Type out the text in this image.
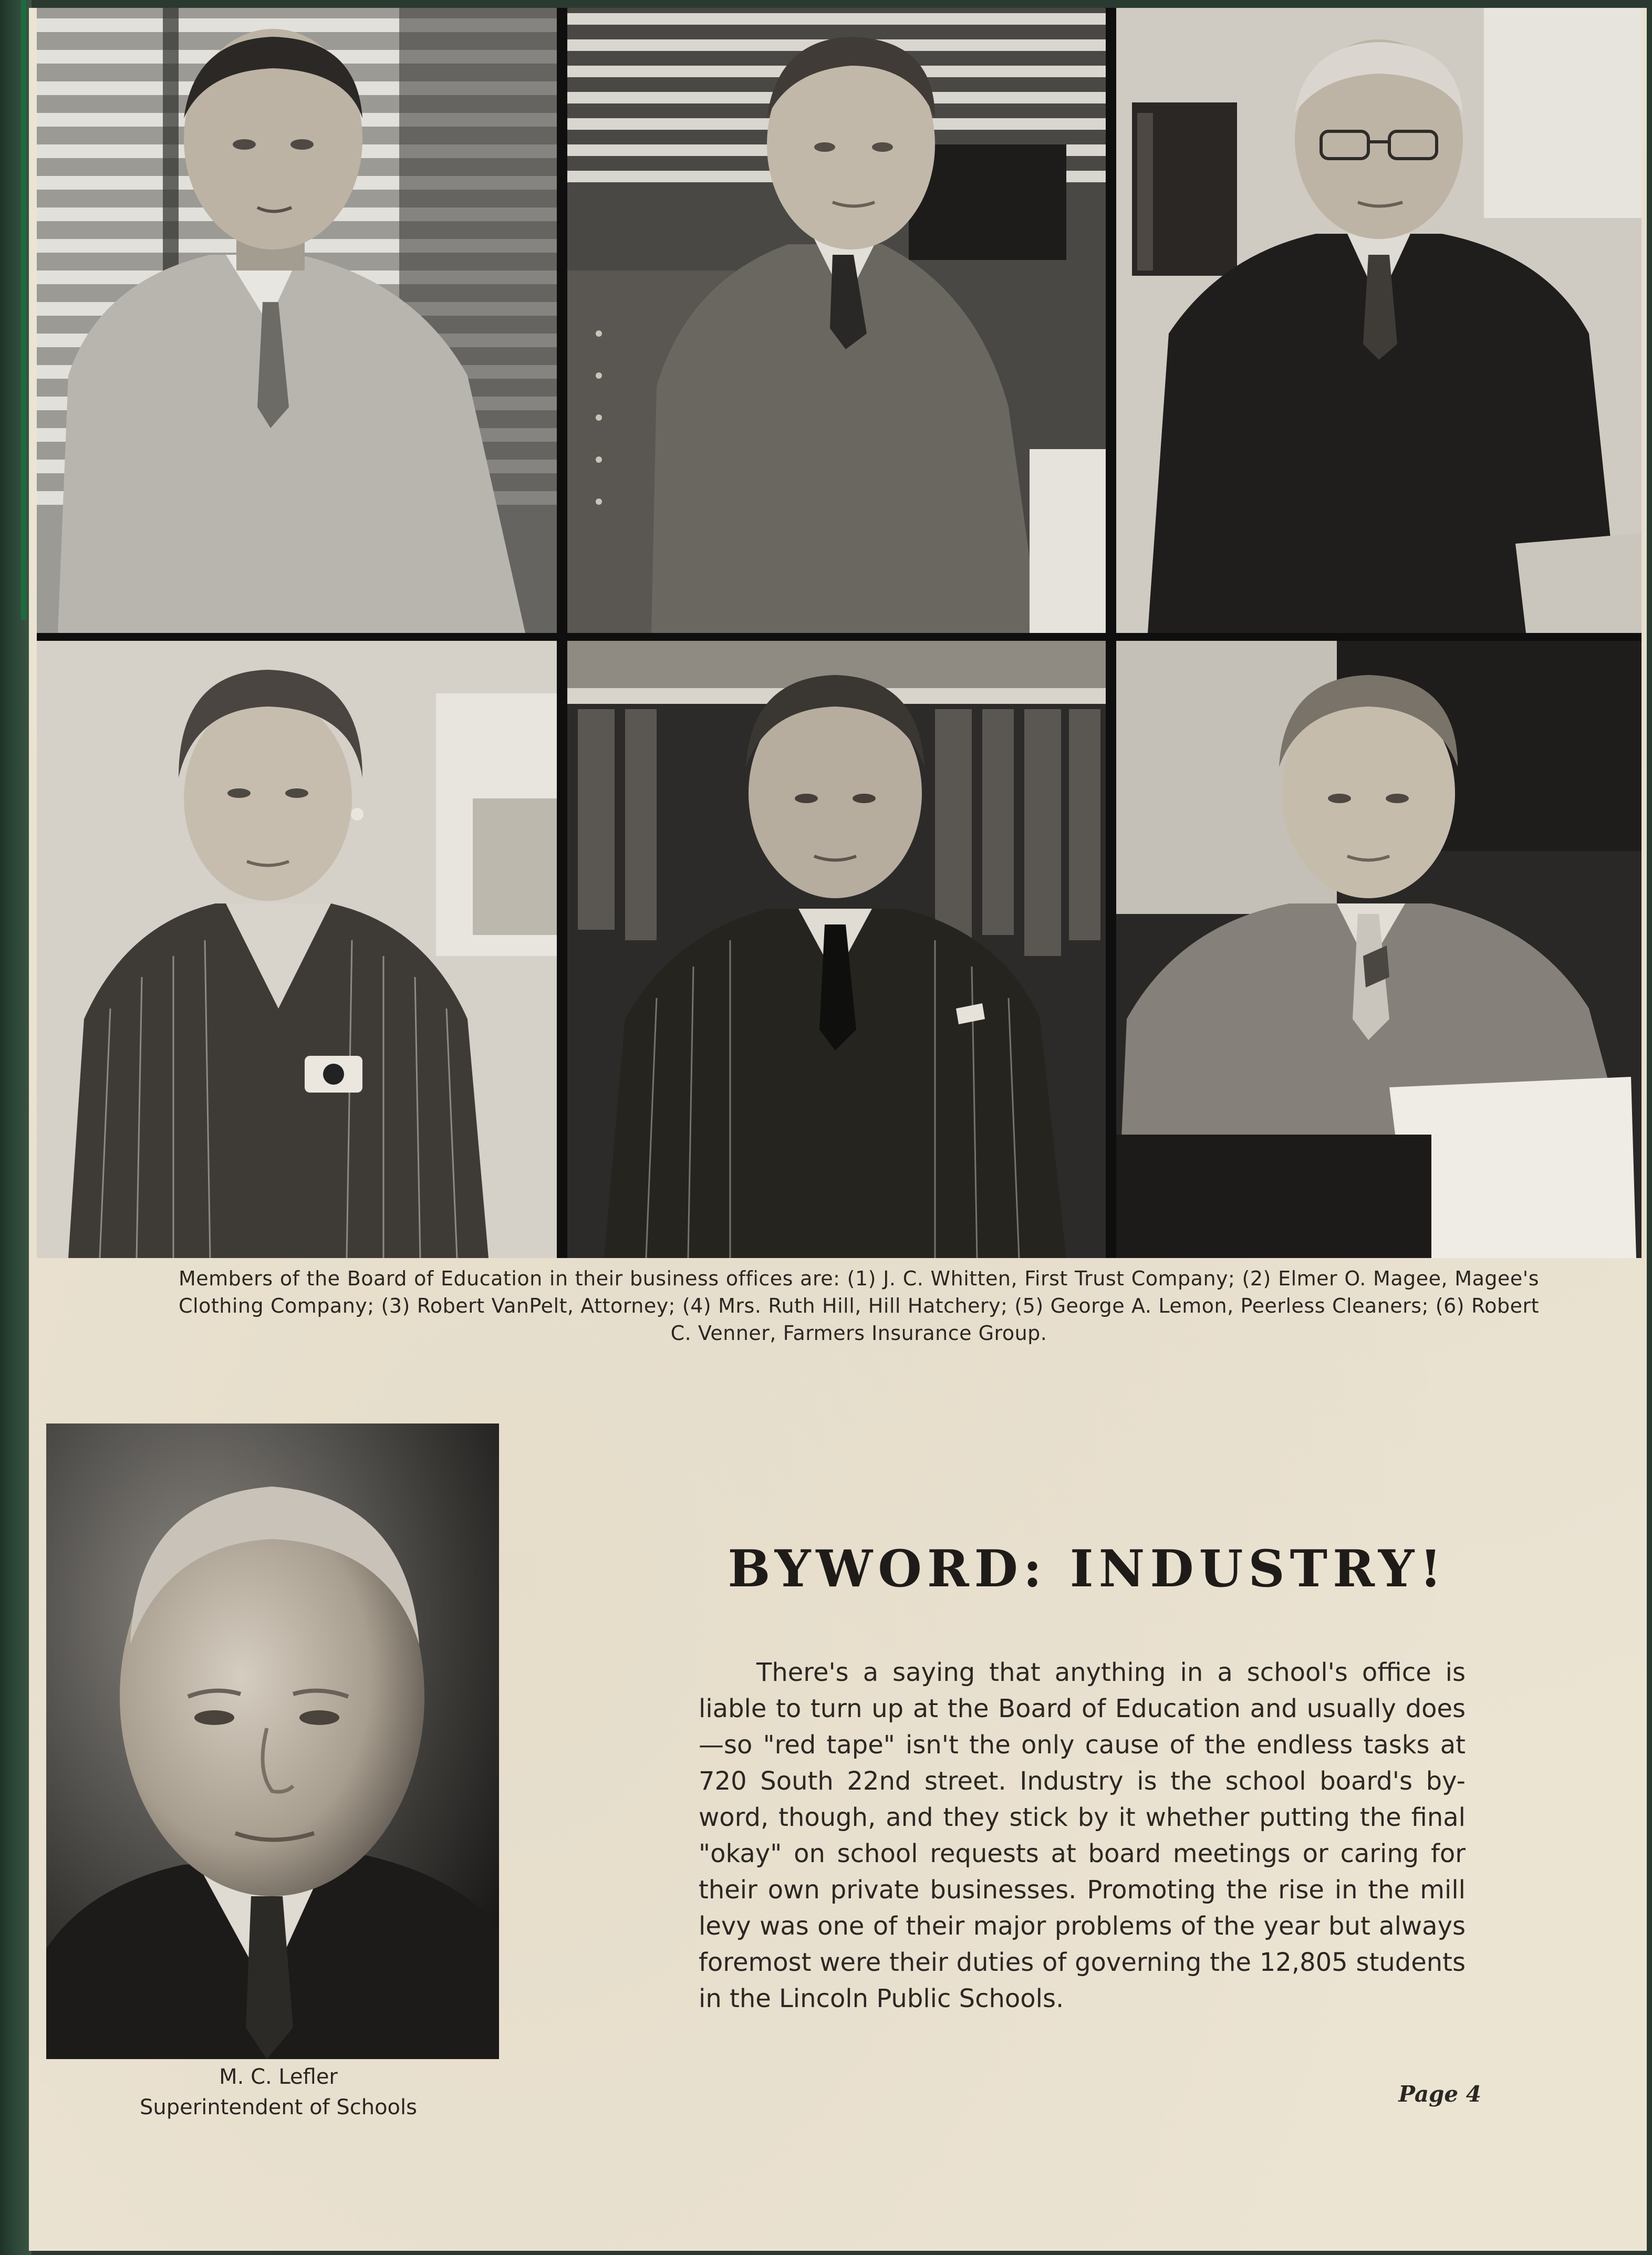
Members of the Board of Education in their business offices are: (1) J. C. Whitten, First Trust Company; (2) Elmer O. Magee, Magee's Clothing Company; (3) Robert VanPelt, Attorney; (4) Mrs. Ruth Hill, Hill Hatchery; (5) George A. Lemon, Peerless Cleaners; (6) Robert C. Venner, Farmers Insurance Group.
M. C. Lefler
Superintendent of Schools
BYWORD: INDUSTRY!
There's a saying that anything in a school's office is liable to turn up at the Board of Education and usually does—so "red tape" isn't the only cause of the endless tasks at 720 South 22nd street. Industry is the school board's by-word, though, and they stick by it whether putting the final "okay" on school requests at board meetings or caring for their own private businesses. Promoting the rise in the mill levy was one of their major problems of the year but always foremost were their duties of governing the 12,805 students in the Lincoln Public Schools.
Page 4
